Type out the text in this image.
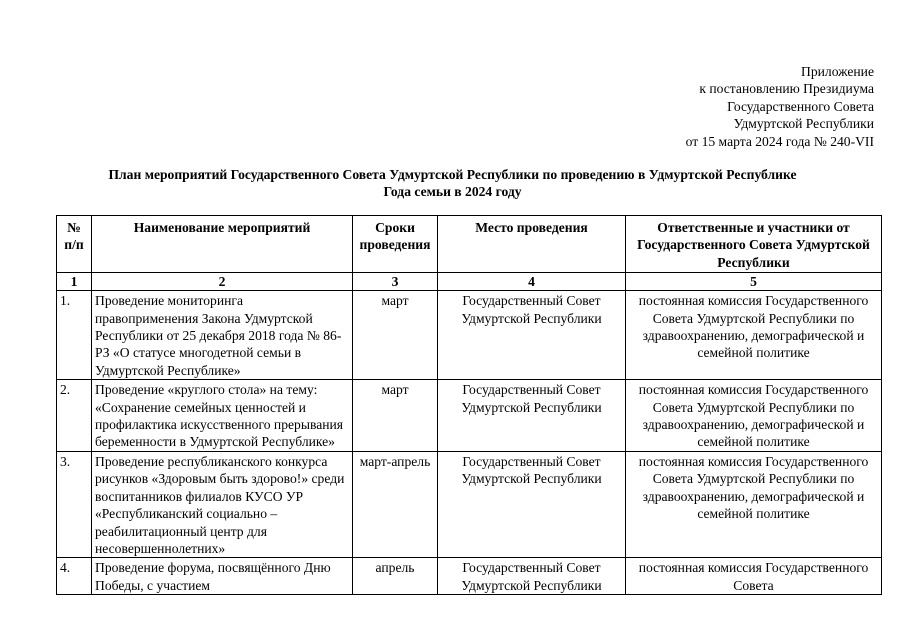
Приложение
к постановлению Президиума
Государственного Совета
Удмуртской Республики
от 15 марта 2024 года № 240-VII
План мероприятий Государственного Совета Удмуртской Республики по проведению в Удмуртской Республике
Года семьи в 2024 году
№ п/п	Наименование мероприятий	Сроки проведения	Место проведения	Ответственные и участники от Государственного Совета Удмуртской Республики
1	2	3	4	5
1.	Проведение мониторинга правоприменения Закона Удмуртской Республики от 25 декабря 2018 года № 86-РЗ «О статусе многодетной семьи в Удмуртской Республике»	март	Государственный Совет Удмуртской Республики	постоянная комиссия Государственного Совета Удмуртской Республики по здравоохранению, демографической и семейной политике
2.	Проведение «круглого стола» на тему: «Сохранение семейных ценностей и профилактика искусственного прерывания беременности в Удмуртской Республике»	март	Государственный Совет Удмуртской Республики	постоянная комиссия Государственного Совета Удмуртской Республики по здравоохранению, демографической и семейной политике
3.	Проведение республиканского конкурса рисунков «Здоровым быть здорово!» среди воспитанников филиалов КУСО УР «Республиканский социально – реабилитационный центр для несовершеннолетних»	март-апрель	Государственный Совет Удмуртской Республики	постоянная комиссия Государственного Совета Удмуртской Республики по здравоохранению, демографической и семейной политике
4.	Проведение форума, посвящённого Дню Победы, с участием	апрель	Государственный Совет Удмуртской Республики	постоянная комиссия Государственного Совета
